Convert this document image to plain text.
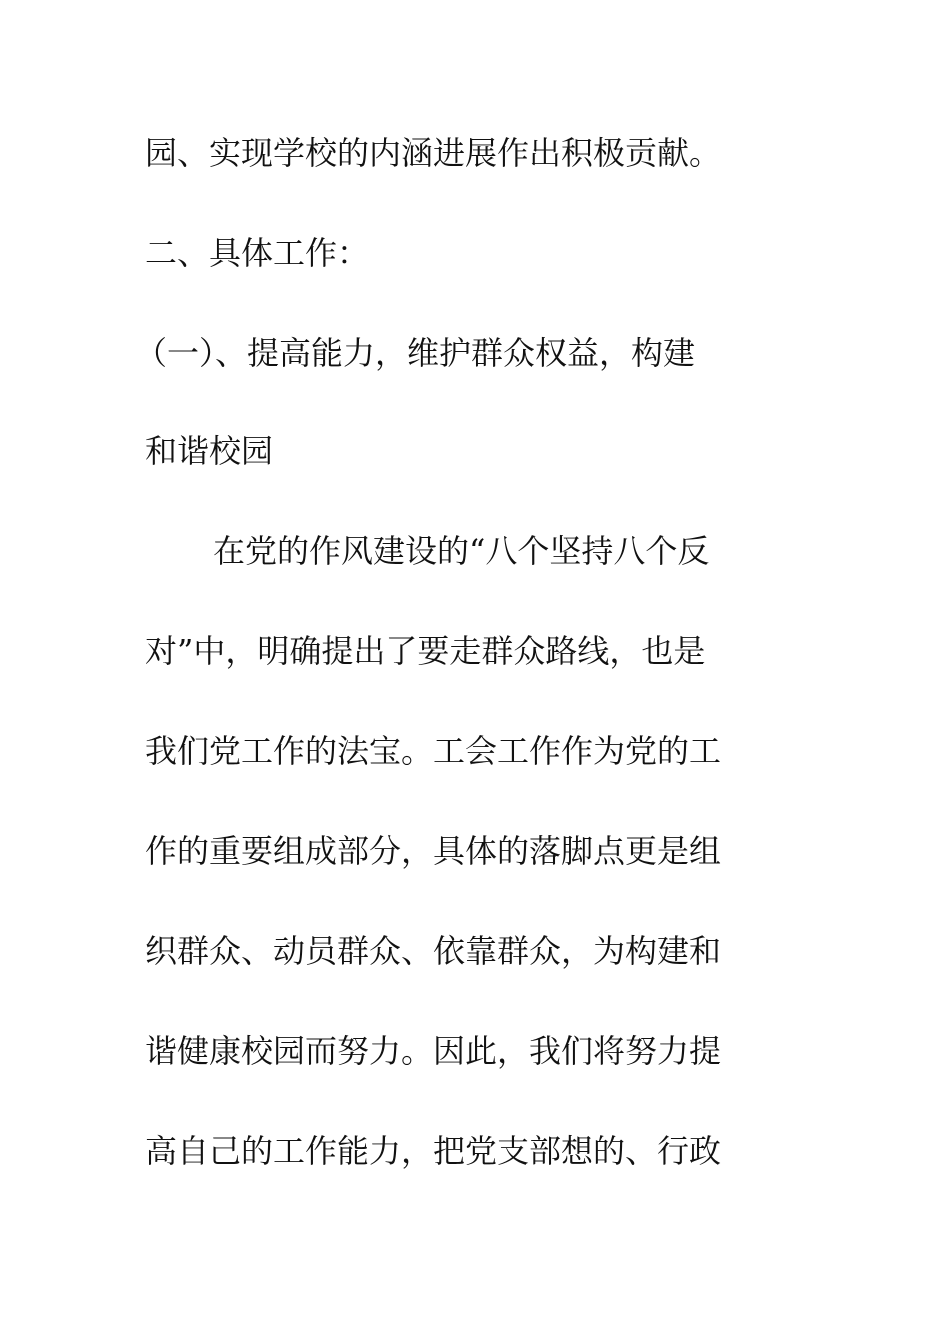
园、实现学校的内涵进展作出积极贡献。
二、具体工作：
（一）、提高能力，维护群众权益，构建
和谐校园
在党的作风建设的“八个坚持八个反
对”中，明确提出了要走群众路线，也是
我们党工作的法宝。工会工作作为党的工
作的重要组成部分，具体的落脚点更是组
织群众、动员群众、依靠群众，为构建和
谐健康校园而努力。因此，我们将努力提
高自己的工作能力，把党支部想的、行政
